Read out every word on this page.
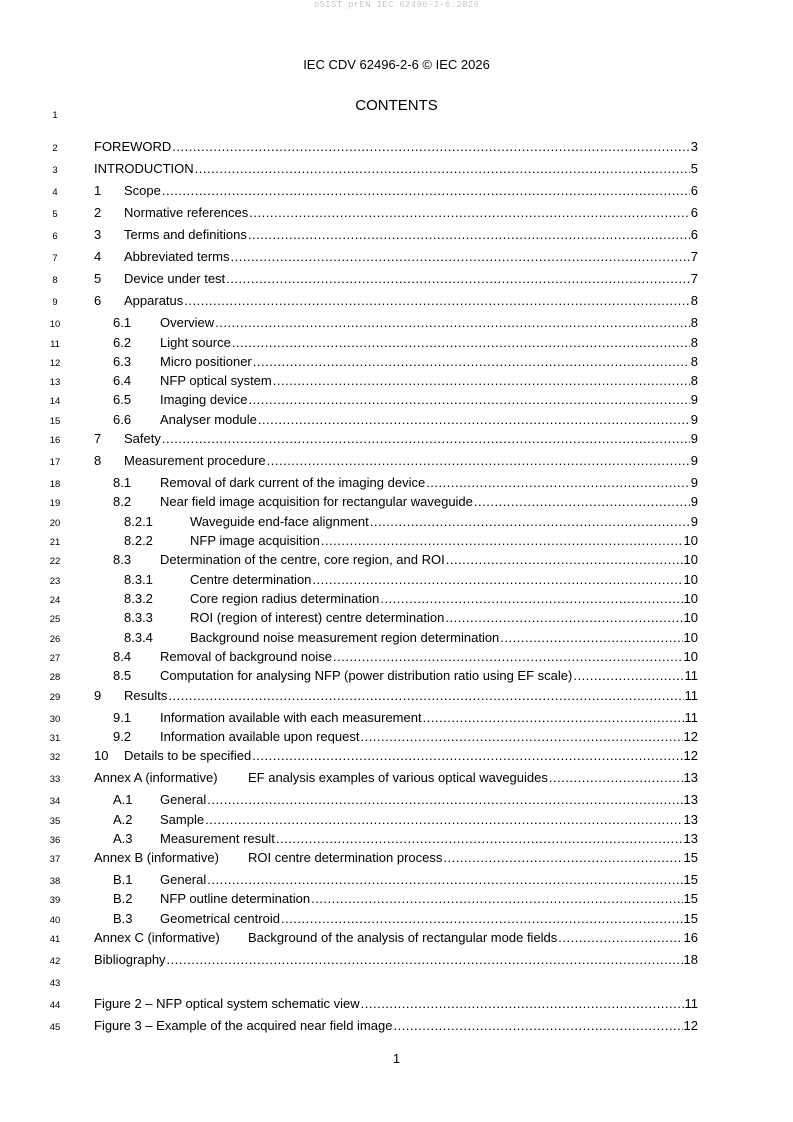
oSIST prEN IEC 62496-2-6:2026
IEC CDV 62496-2-6 © IEC 2026
CONTENTS
1
43
2	FOREWORD .....	3
3	INTRODUCTION .....	5
4	1	Scope .....	6
5	2	Normative references .....	6
6	3	Terms and definitions .....	6
7	4	Abbreviated terms .....	7
8	5	Device under test .....	7
9	6	Apparatus .....	8
10	6.1	Overview .....	8
11	6.2	Light source .....	8
12	6.3	Micro positioner .....	8
13	6.4	NFP optical system .....	8
14	6.5	Imaging device .....	9
15	6.6	Analyser module .....	9
16	7	Safety .....	9
17	8	Measurement procedure .....	9
18	8.1	Removal of dark current of the imaging device .....	9
19	8.2	Near field image acquisition for rectangular waveguide .....	9
20	8.2.1	Waveguide end-face alignment .....	9
21	8.2.2	NFP image acquisition .....	10
22	8.3	Determination of the centre, core region, and ROI .....	10
23	8.3.1	Centre determination .....	10
24	8.3.2	Core region radius determination .....	10
25	8.3.3	ROI (region of interest) centre determination .....	10
26	8.3.4	Background noise measurement region determination .....	10
27	8.4	Removal of background noise .....	10
28	8.5	Computation for analysing NFP (power distribution ratio using EF scale) .....	11
29	9	Results .....	11
30	9.1	Information available with each measurement .....	11
31	9.2	Information available upon request .....	12
32	10	Details to be specified .....	12
33	Annex A (informative)	EF analysis examples of various optical waveguides .....	13
34	A.1	General .....	13
35	A.2	Sample .....	13
36	A.3	Measurement result .....	13
37	Annex B (informative)	ROI centre determination process .....	15
38	B.1	General .....	15
39	B.2	NFP outline determination .....	15
40	B.3	Geometrical centroid .....	15
41	Annex C (informative)	Background of the analysis of rectangular mode fields .....	16
42	Bibliography .....	18
44	Figure 2 – NFP optical system schematic view .....	11
45	Figure 3 – Example of the acquired near field image .....	12
1
